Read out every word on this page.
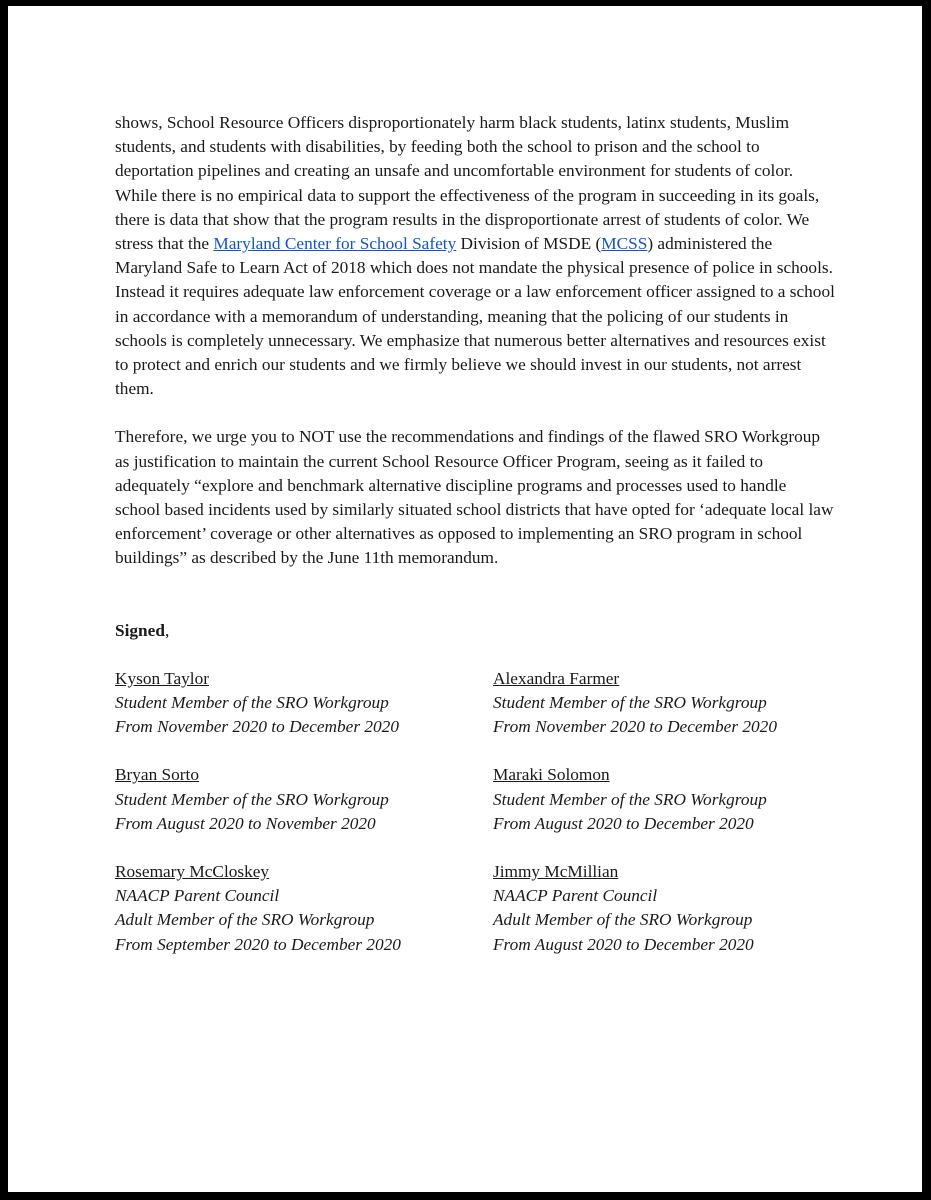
shows, School Resource Officers disproportionately harm black students, latinx students, Muslim students, and students with disabilities, by feeding both the school to prison and the school to deportation pipelines and creating an unsafe and uncomfortable environment for students of color. While there is no empirical data to support the effectiveness of the program in succeeding in its goals, there is data that show that the program results in the disproportionate arrest of students of color. We stress that the Maryland Center for School Safety Division of MSDE (MCSS) administered the Maryland Safe to Learn Act of 2018 which does not mandate the physical presence of police in schools. Instead it requires adequate law enforcement coverage or a law enforcement officer assigned to a school in accordance with a memorandum of understanding, meaning that the policing of our students in schools is completely unnecessary. We emphasize that numerous better alternatives and resources exist to protect and enrich our students and we firmly believe we should invest in our students, not arrest them.

Therefore, we urge you to NOT use the recommendations and findings of the flawed SRO Workgroup as justification to maintain the current School Resource Officer Program, seeing as it failed to adequately “explore and benchmark alternative discipline programs and processes used to handle school based incidents used by similarly situated school districts that have opted for ‘adequate local law enforcement’ coverage or other alternatives as opposed to implementing an SRO program in school buildings” as described by the June 11th memorandum.

Signed,

Kyson Taylor
Student Member of the SRO Workgroup
From November 2020 to December 2020
Alexandra Farmer
Student Member of the SRO Workgroup
From November 2020 to December 2020
Bryan Sorto
Student Member of the SRO Workgroup
From August 2020 to November 2020
Maraki Solomon
Student Member of the SRO Workgroup
From August 2020 to December 2020
Rosemary McCloskey
NAACP Parent Council
Adult Member of the SRO Workgroup
From September 2020 to December 2020
Jimmy McMillian
NAACP Parent Council
Adult Member of the SRO Workgroup
From August 2020 to December 2020
